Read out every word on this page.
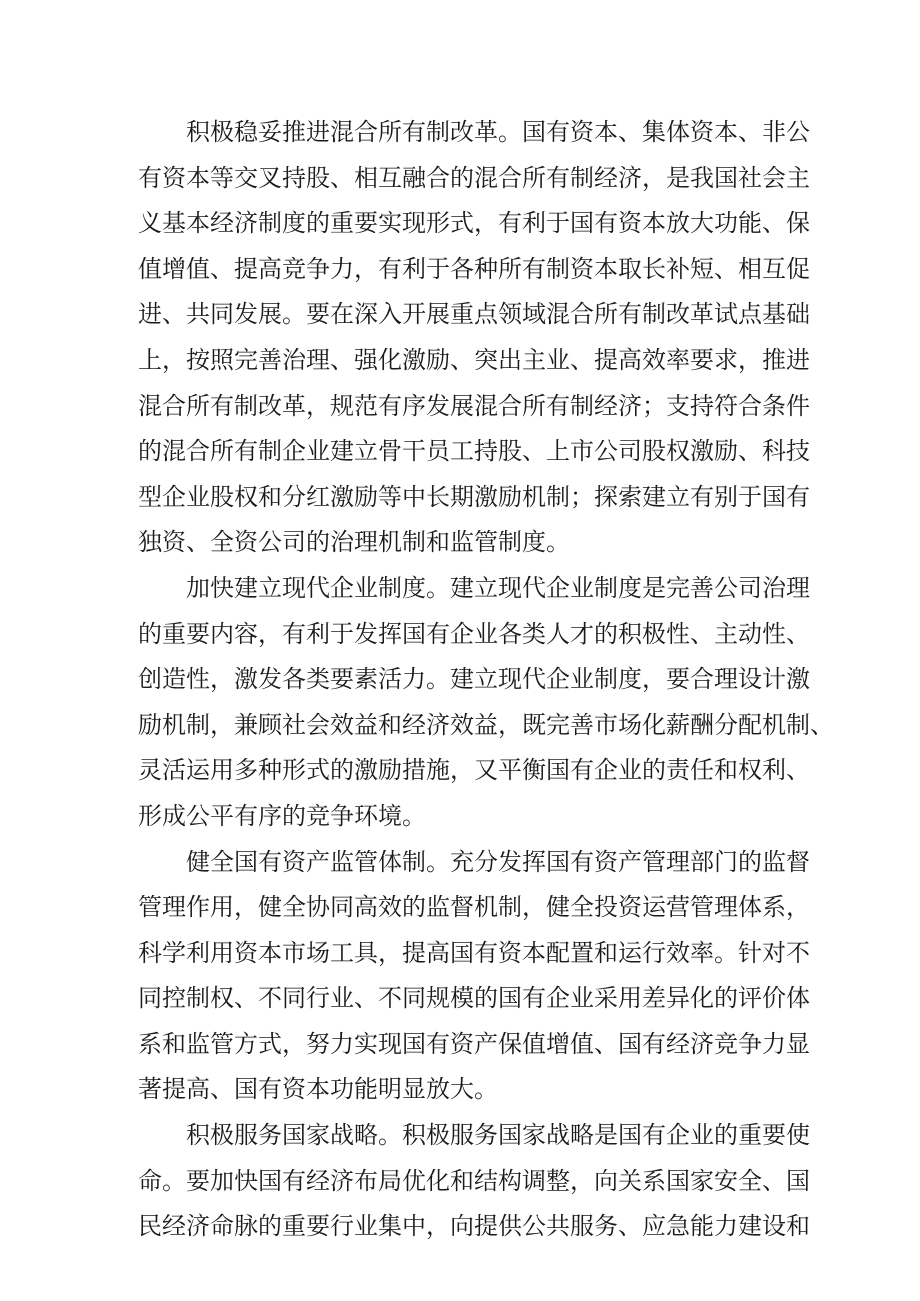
积极稳妥推进混合所有制改革。国有资本、集体资本、非公
有资本等交叉持股、相互融合的混合所有制经济，是我国社会主
义基本经济制度的重要实现形式，有利于国有资本放大功能、保
值增值、提高竞争力，有利于各种所有制资本取长补短、相互促
进、共同发展。要在深入开展重点领域混合所有制改革试点基础
上，按照完善治理、强化激励、突出主业、提高效率要求，推进
混合所有制改革，规范有序发展混合所有制经济；支持符合条件
的混合所有制企业建立骨干员工持股、上市公司股权激励、科技
型企业股权和分红激励等中长期激励机制；探索建立有别于国有
独资、全资公司的治理机制和监管制度。
加快建立现代企业制度。建立现代企业制度是完善公司治理
的重要内容，有利于发挥国有企业各类人才的积极性、主动性、
创造性，激发各类要素活力。建立现代企业制度，要合理设计激
励机制，兼顾社会效益和经济效益，既完善市场化薪酬分配机制、
灵活运用多种形式的激励措施，又平衡国有企业的责任和权利、
形成公平有序的竞争环境。
健全国有资产监管体制。充分发挥国有资产管理部门的监督
管理作用，健全协同高效的监督机制，健全投资运营管理体系，
科学利用资本市场工具，提高国有资本配置和运行效率。针对不
同控制权、不同行业、不同规模的国有企业采用差异化的评价体
系和监管方式，努力实现国有资产保值增值、国有经济竞争力显
著提高、国有资本功能明显放大。
积极服务国家战略。积极服务国家战略是国有企业的重要使
命。要加快国有经济布局优化和结构调整，向关系国家安全、国
民经济命脉的重要行业集中，向提供公共服务、应急能力建设和
